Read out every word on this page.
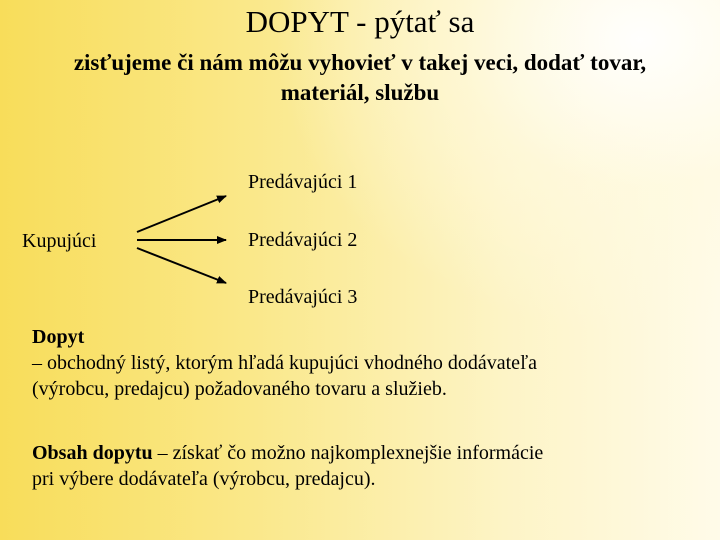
DOPYT - pýtať sa
zisťujeme či nám môžu vyhovieť v takej veci, dodať tovar,
materiál, službu
Kupujúci
Predávajúci 1
Predávajúci 2
Predávajúci 3
Dopyt
– obchodný listý, ktorým hľadá kupujúci vhodného dodávateľa
(výrobcu, predajcu) požadovaného tovaru a služieb.
Obsah dopytu – získať čo možno najkomplexnejšie informácie
pri výbere dodávateľa (výrobcu, predajcu).
